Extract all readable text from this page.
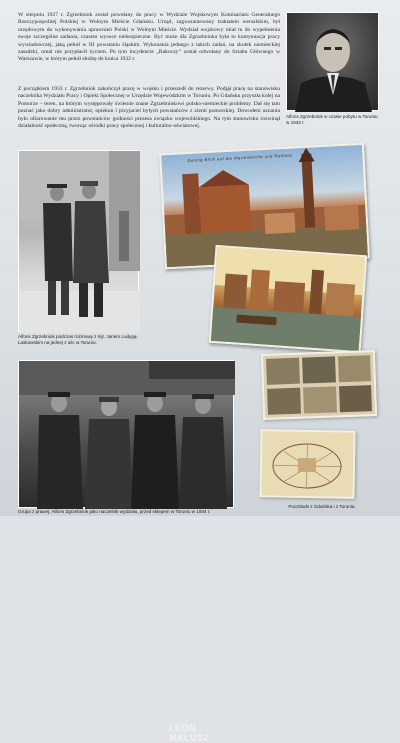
W sierpniu 1927 r. Zgrzebniok został powołany do pracy w Wydziale Wojskowym Komisariatu Generalnego Rzeczypospolitej Polskiej w Wolnym Mieście Gdańsku. Urząd, zagwarantowany traktatem wersalskim, był urzędowym do wykonywania uprawnień Polski w Wolnym Mieście. Wydział wojskowy miał tu do wypełnienia swoje szczególne zadania, czasem wysoce niebezpieczne. Być może dla Zgrzebnioka była to kontynuacja pracy wywiadowczej, jaką pełnił w III powstaniu śląskim. Wykonania jednego z takich zadań, na skutek niemieckiej zasadzki, omal nie przypłacił życiem. Po tym incydencie „Rakoczy” został odwołany do Sztabu Głównego w Warszawie, w którym pełnił służbę do końca 1932 r.

Z początkiem 1933 r. Zgrzebniok zakończył pracę w wojsku i przeszedł do rezerwy. Podjął pracę na stanowisku naczelnika Wydziału Pracy i Opieki Społecznej w Urzędzie Wojewódzkim w Toruniu. Po Gdańsku przyszła kolej na Pomorze – teren, na którym występowały świetnie znane Zgrzebniokowi polsko-niemieckie problemy. Dał się tam poznać jako dobry administrator, opiekun i przyjaciel byłych powstańców z ziemi pomorskiej. Dowodem uznania było ofiarowanie mu przez powstańców godności prezesa związku wojewódzkiego. Na tym stanowisku rozwinął działalność społeczną, tworząc ośrodki pracy społecznej i kulturalno-oświatowej.

Alfons Zgrzebniok w czasie pobytu w Toruniu w 1933 r.

Alfons Zgrzebniok podczas rozmowy z mjr. Janem Ludygą-Laskowskim na jednej z ulic w Toruniu.

Danzig Blick auf die Marienkirche und Rathaus

LEON MAŁUSZ

Grupa z prawej: Alfons Zgrzebniok jako naczelnik wydziału, przed sklepem w Toruniu w 1934 r.

Pocztówki z Gdańska i z Torunia.
